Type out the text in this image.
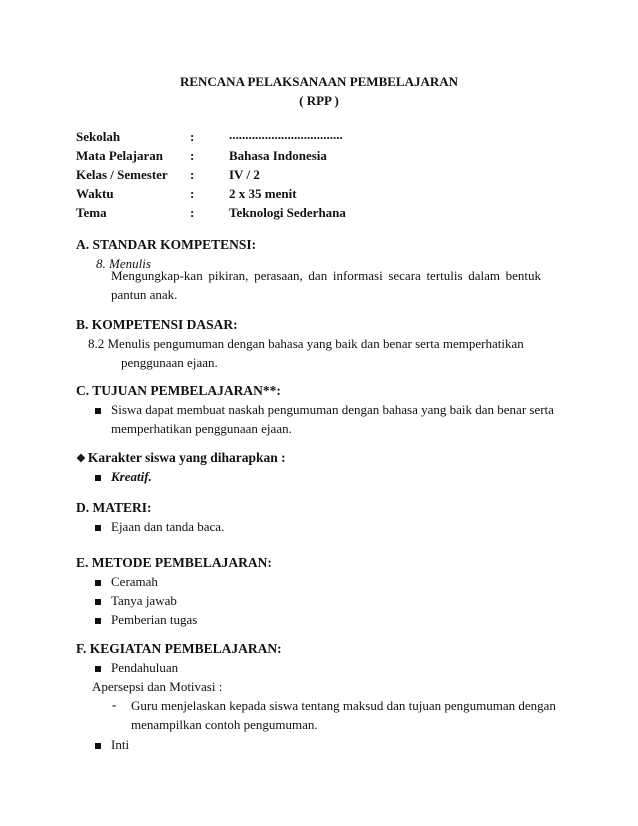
RENCANA PELAKSANAAN PEMBELAJARAN
( RPP )
Sekolah	:	...................................
Mata Pelajaran :	Bahasa Indonesia
Kelas / Semester :	IV / 2
Waktu	:	2 x 35 menit
Tema	:	Teknologi Sederhana
A. STANDAR KOMPETENSI:
8. Menulis
Mengungkap-kan pikiran, perasaan, dan informasi secara tertulis dalam bentuk pantun anak.
B. KOMPETENSI DASAR:
8.2 Menulis pengumuman dengan bahasa yang baik dan benar serta memperhatikan
penggunaan ejaan.
C. TUJUAN PEMBELAJARAN**:
Siswa dapat membuat naskah pengumuman dengan bahasa yang baik dan benar serta
memperhatikan penggunaan ejaan.
❖ Karakter siswa yang diharapkan :
Kreatif.
D. MATERI:
Ejaan dan tanda baca.
E. METODE PEMBELAJARAN:
Ceramah
Tanya jawab
Pemberian tugas
F. KEGIATAN PEMBELAJARAN:
Pendahuluan
Apersepsi dan Motivasi :
- Guru menjelaskan kepada siswa tentang maksud dan tujuan pengumuman dengan
menampilkan contoh pengumuman.
Inti
